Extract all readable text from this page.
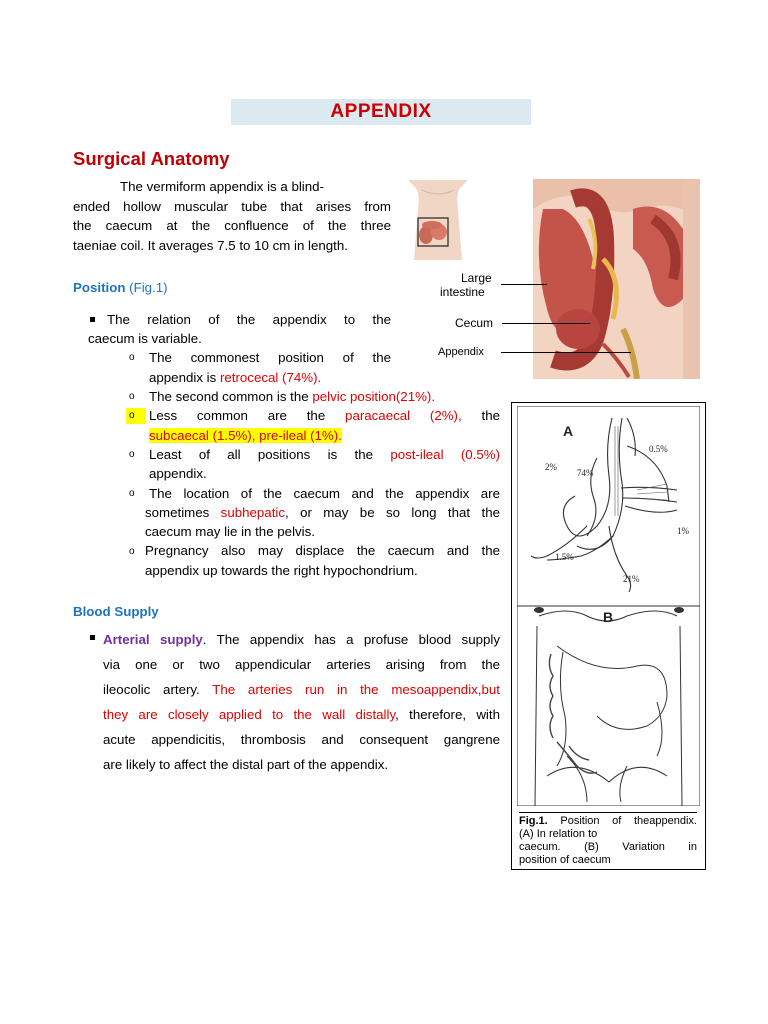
APPENDIX
Surgical Anatomy
The vermiform appendix is a blind-
ended hollow muscular tube that arises from
the caecum at the confluence of the three
taeniae coil. It averages 7.5 to 10 cm in length.
Large
intestine
Cecum
Appendix
Position (Fig.1)
The relation of the appendix to the
caecum is variable.
o The commonest position of the
appendix is retrocecal (74%).
o The second common is the pelvic position(21%).
o Less common are the paracaecal (2%), the
subcaecal (1.5%), pre-ileal (1%).
o Least of all positions is the post-ileal (0.5%)
appendix.
o The location of the caecum and the appendix are
sometimes subhepatic, or may be so long that the
caecum may lie in the pelvis.
o Pregnancy also may displace the caecum and the
appendix up towards the right hypochondrium.
Blood Supply
Arterial supply. The appendix has a profuse blood supply
via one or two appendicular arteries arising from the
ileocolic artery. The arteries run in the mesoappendix,but
they are closely applied to the wall distally, therefore, with
acute appendicitis, thrombosis and consequent gangrene
are likely to affect the distal part of the appendix.
A
0.5%
2%
74%
1%
1.5%
21%
B
Fig.1. Position of theappendix.
(A) In relation to
caecum. (B) Variation in
position of caecum
